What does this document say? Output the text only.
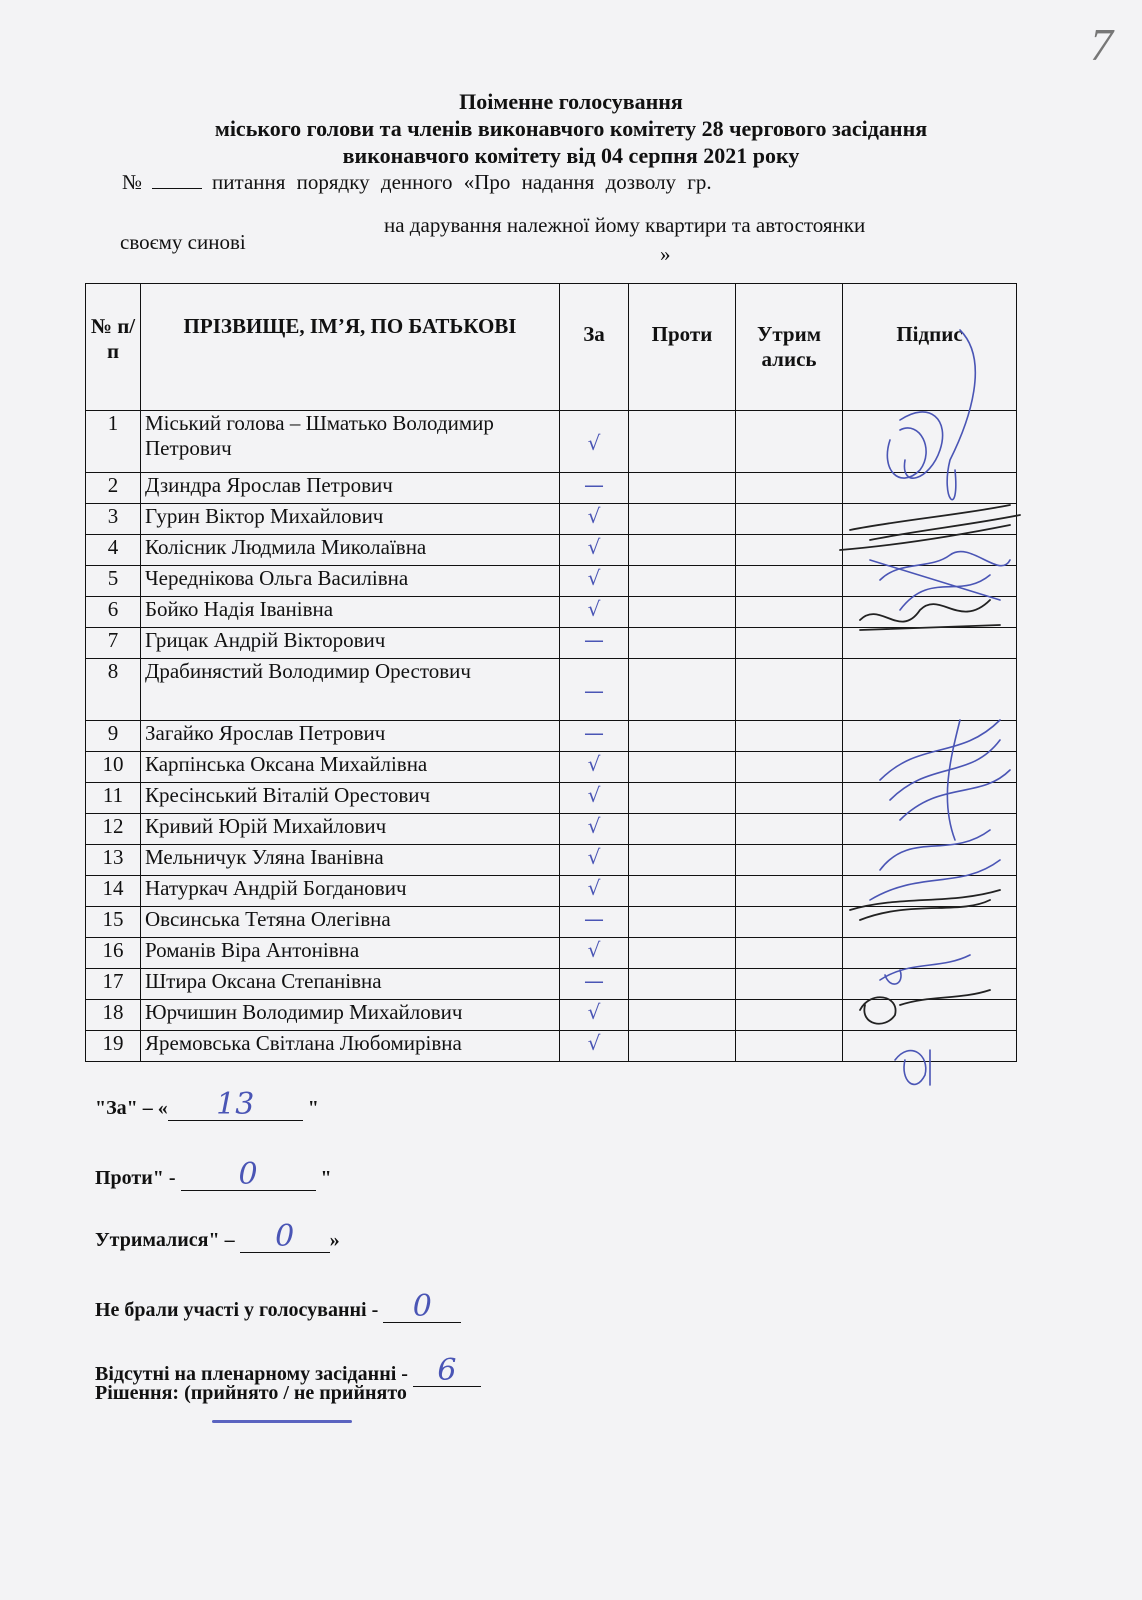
7
Поіменне голосування
міського голови та членів виконавчого комітету 28 чергового засідання
виконавчого комітету від 04 серпня 2021 року
№	питання порядку денного «Про надання дозволу гр.
на дарування належної йому квартири та автостоянки
своєму синові	»
№ п/п	ПРІЗВИЩЕ, ІМ’Я, ПО БАТЬКОВІ	За	Проти	Утрим ались	Підпис
1	Міський голова – Шматько Володимир Петрович	√			

2	Дзиндра Ярослав Петрович	—			

3	Гурин Віктор Михайлович	√			

4	Колісник Людмила Миколаївна	√			

5	Череднікова Ольга Василівна	√			

6	Бойко Надія Іванівна	√			

7	Грицак Андрій Вікторович	—			

8	Драбинястий Володимир Орестович	—			

9	Загайко Ярослав Петрович	—			

10	Карпінська Оксана Михайлівна	√			

11	Кресінський Віталій Орестович	√			

12	Кривий Юрій Михайлович	√			

13	Мельничук Уляна Іванівна	√			

14	Натуркач Андрій Богданович	√			

15	Овсинська Тетяна Олегівна	—			

16	Романів Віра Антонівна	√			

17	Штира Оксана Степанівна	—			

18	Юрчишин Володимир Михайлович	√			

19	Яремовська Світлана Любомирівна	√			

"За" – « 13 "
Проти" - 0	"
Утрималися" – 0 »
Не брали участі у голосуванні - 0
Відсутні на пленарному засіданні - 6
Рішення: (прийнято / не прийнято
